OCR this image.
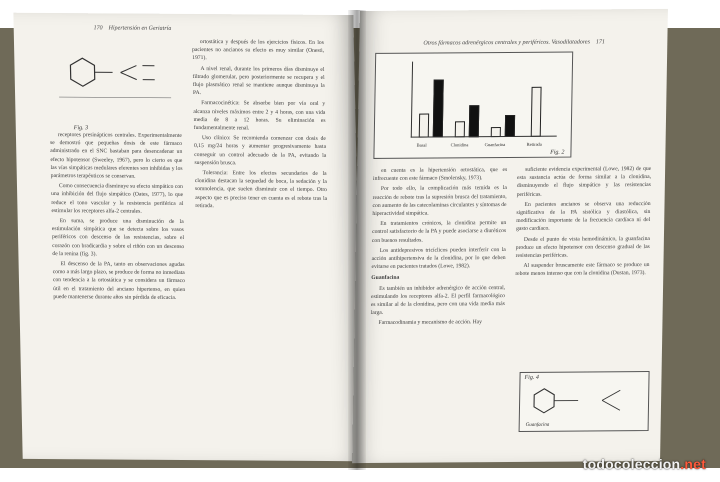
170 Hipertensión en Geriatría
Fig. 3

receptores presinápticos centrales. Experimentalmente se demostró que pequeñas dosis de este fármaco administrado en el SNC bastaban para desencadenar un efecto hipotensor (Sweeley, 1967), pero lo cierto es que las vías simpáticas medulares eferentes son inhibidas y los parámetros terapéuticos se conservan.

Como consecuencia disminuye su efecto simpático con una inhibición del flujo simpático (Oates, 1977), lo que reduce el tono vascular y la resistencia periférica al estimular los receptores alfa-2 centrales.

En suma, se produce una disminución de la estimulación simpática que se detecta sobre los vasos periféricos con descenso de las resistencias, sobre el corazón con bradicardia y sobre el riñón con un descenso de la renina (fig. 3).

El descenso de la PA, tanto en observaciones agudas como a más largo plazo, se produce de forma no inmediata con tendencia a la ortostática y se considera un fármaco útil en el tratamiento del anciano hipertenso, en quien puede mantenerse durante años sin pérdida de eficacia.

ortostática y después de los ejercicios físicos. En los pacientes no ancianos su efecto es muy similar (Onesti, 1971).

A nivel renal, durante los primeros días disminuye el filtrado glomerular, pero posteriormente se recupera y el flujo plasmático renal se mantiene aunque disminuya la PA.

Farmacocinética: Se absorbe bien por vía oral y alcanza niveles máximos entre 2 y 4 horas, con una vida media de 8 a 12 horas. Su eliminación es fundamentalmente renal.

Uso clínico: Se recomienda comenzar con dosis de 0,15 mg/24 horas y aumentar progresivamente hasta conseguir un control adecuado de la PA, evitando la suspensión brusca.

Tolerancia: Entre los efectos secundarios de la clonidina destacan la sequedad de boca, la sedación y la somnolencia, que suelen disminuir con el tiempo. Otro aspecto que es preciso tener en cuenta es el rebote tras la retirada.

Otros fármacos adrenérgicos centrales y periféricos. Vasodilatadores 171
Basal	Clonidina	Guanfacina	Retirada
Fig. 2

en cuenta es la hipertensión ortostática, que es infrecuente con este fármaco (Smolensky, 1973).

Por todo ello, la complicación más temida es la reacción de rebote tras la supresión brusca del tratamiento, con aumento de las catecolaminas circulantes y síntomas de hiperactividad simpática.

En tratamientos crónicos, la clonidina permite un control satisfactorio de la PA y puede asociarse a diuréticos con buenos resultados.

Los antidepresivos tricíclicos pueden interferir con la acción antihipertensiva de la clonidina, por lo que deben evitarse en pacientes tratados (Lowe, 1982).

Guanfacina

Es también un inhibidor adrenérgico de acción central, estimulando los receptores alfa-2. El perfil farmacológico es similar al de la clonidina, pero con una vida media más larga.

Farmacodinamia y mecanismo de acción. Hay

suficiente evidencia experimental (Lowe, 1982) de que esta sustancia actúa de forma similar a la clonidina, disminuyendo el flujo simpático y las resistencias periféricas.

En pacientes ancianos se observa una reducción significativa de la PA sistólica y diastólica, sin modificación importante de la frecuencia cardíaca ni del gasto cardíaco.

Desde el punto de vista hemodinámico, la guanfacina produce un efecto hipotensor con descenso gradual de las resistencias periféricas.

Al suspender bruscamente este fármaco se produce un rebote menos intenso que con la clonidina (Dustan, 1973).

Fig. 4
Guanfacina
todocoleccion.net
